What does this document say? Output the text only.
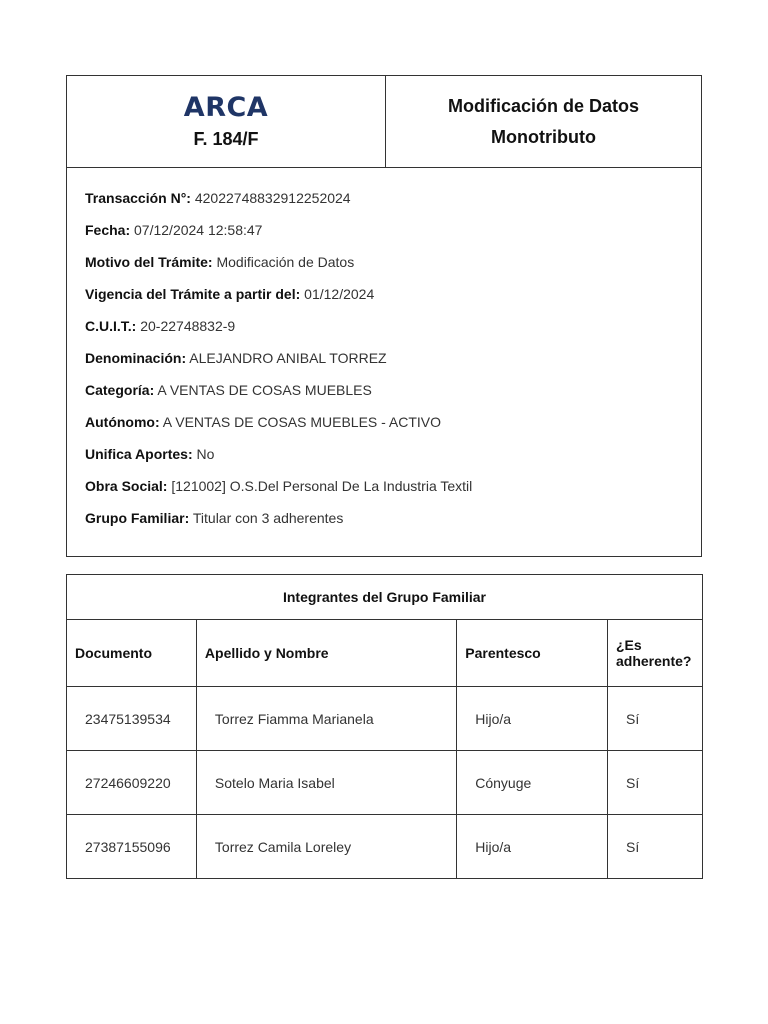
ARCA
F. 184/F
Modificación de Datos
Monotributo
Transacción N°: 42022748832912252024
Fecha: 07/12/2024 12:58:47
Motivo del Trámite: Modificación de Datos
Vigencia del Trámite a partir del: 01/12/2024
C.U.I.T.: 20-22748832-9
Denominación: ALEJANDRO ANIBAL TORREZ
Categoría: A VENTAS DE COSAS MUEBLES
Autónomo: A VENTAS DE COSAS MUEBLES - ACTIVO
Unifica Aportes: No
Obra Social: [121002] O.S.Del Personal De La Industria Textil
Grupo Familiar: Titular con 3 adherentes
Integrantes del Grupo Familiar			
Documento	Apellido y Nombre	Parentesco	¿Es adherente?
23475139534	Torrez Fiamma Marianela	Hijo/a	Sí
27246609220	Sotelo Maria Isabel	Cónyuge	Sí
27387155096	Torrez Camila Loreley	Hijo/a	Sí
